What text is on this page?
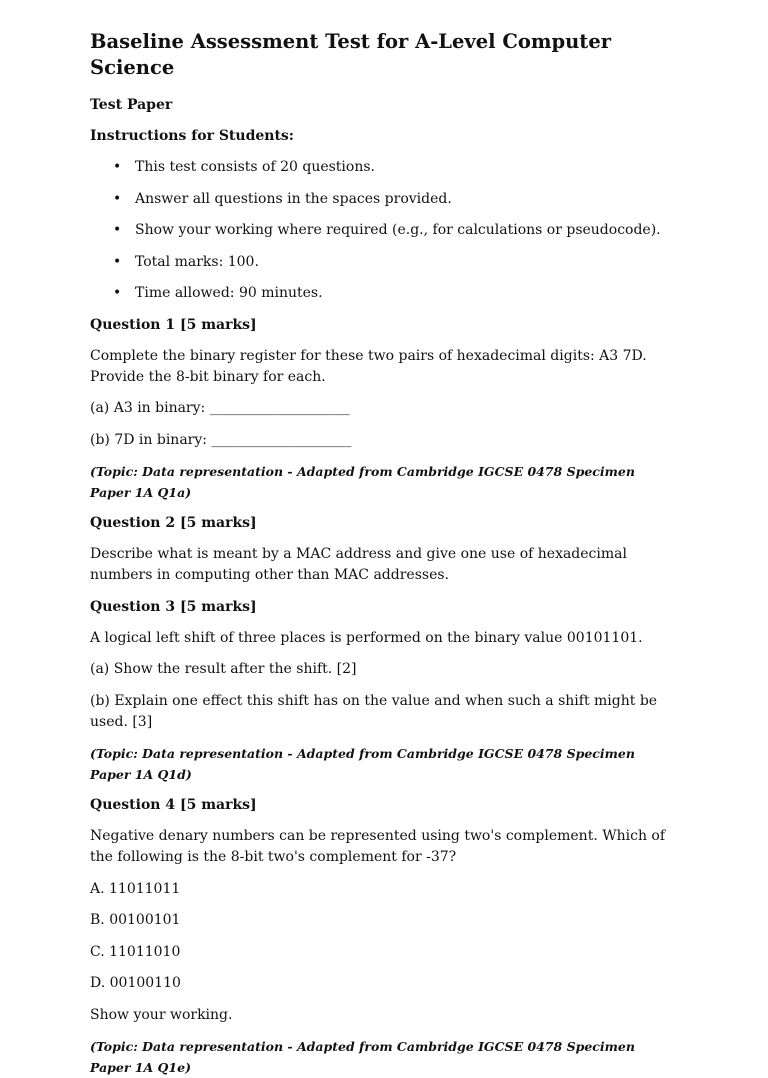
Baseline Assessment Test for A-Level Computer Science
Test Paper
Instructions for Students:
• This test consists of 20 questions.
• Answer all questions in the spaces provided.
• Show your working where required (e.g., for calculations or pseudocode).
• Total marks: 100.
• Time allowed: 90 minutes.
Question 1 [5 marks]
Complete the binary register for these two pairs of hexadecimal digits: A3 7D. Provide the 8-bit binary for each.
(a) A3 in binary: ____________________
(b) 7D in binary: ____________________
(Topic: Data representation - Adapted from Cambridge IGCSE 0478 Specimen Paper 1A Q1a)
Question 2 [5 marks]
Describe what is meant by a MAC address and give one use of hexadecimal numbers in computing other than MAC addresses.
Question 3 [5 marks]
A logical left shift of three places is performed on the binary value 00101101.
(a) Show the result after the shift. [2]
(b) Explain one effect this shift has on the value and when such a shift might be used. [3]
(Topic: Data representation - Adapted from Cambridge IGCSE 0478 Specimen Paper 1A Q1d)
Question 4 [5 marks]
Negative denary numbers can be represented using two's complement. Which of the following is the 8-bit two's complement for -37?
A. 11011011
B. 00100101
C. 11011010
D. 00100110
Show your working.
(Topic: Data representation - Adapted from Cambridge IGCSE 0478 Specimen Paper 1A Q1e)
